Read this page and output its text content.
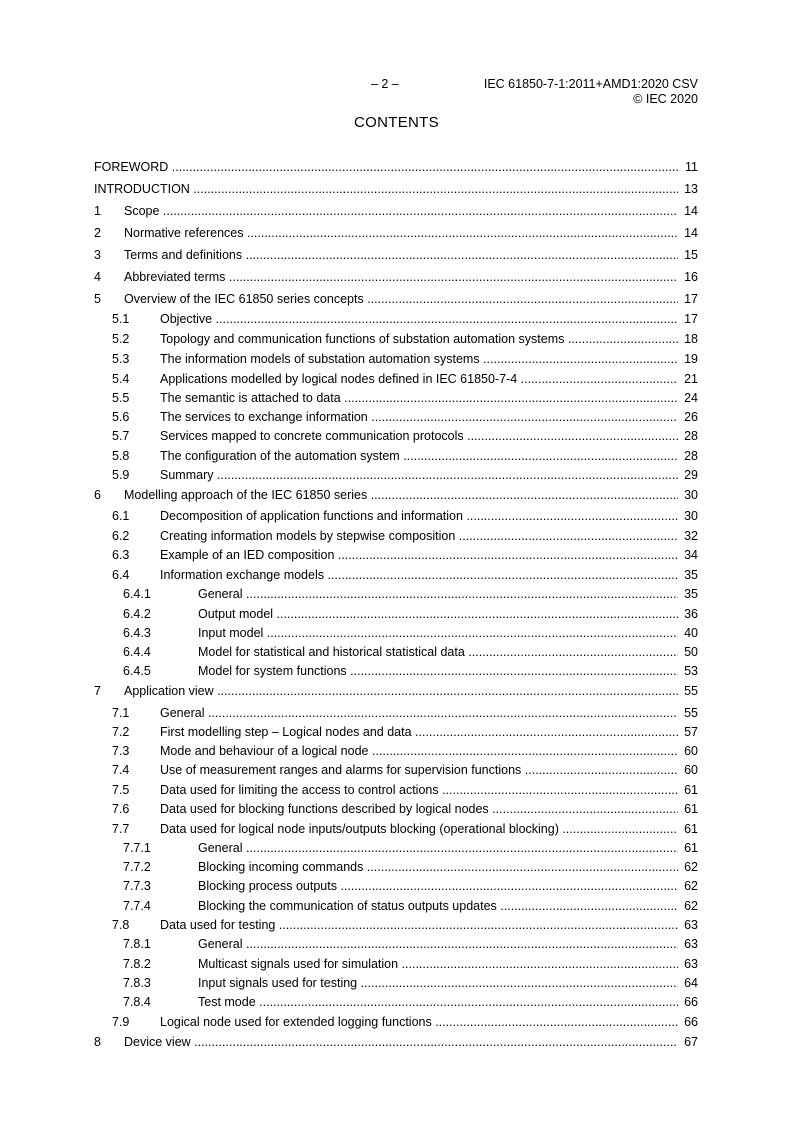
– 2 –	IEC 61850-7-1:2011+AMD1:2020 CSV
© IEC 2020
CONTENTS
FOREWORD .....	11
INTRODUCTION .....	13
1 Scope .....	14
2 Normative references .....	14
3 Terms and definitions .....	15
4 Abbreviated terms .....	16
5 Overview of the IEC 61850 series concepts .....	17
5.1 Objective .....	17
5.2 Topology and communication functions of substation automation systems .....	18
5.3 The information models of substation automation systems .....	19
5.4 Applications modelled by logical nodes defined in IEC 61850-7-4 .....	21
5.5 The semantic is attached to data .....	24
5.6 The services to exchange information .....	26
5.7 Services mapped to concrete communication protocols .....	28
5.8 The configuration of the automation system .....	28
5.9 Summary .....	29
6 Modelling approach of the IEC 61850 series .....	30
6.1 Decomposition of application functions and information .....	30
6.2 Creating information models by stepwise composition .....	32
6.3 Example of an IED composition .....	34
6.4 Information exchange models .....	35
6.4.1	General .....	35
6.4.2	Output model .....	36
6.4.3	Input model .....	40
6.4.4	Model for statistical and historical statistical data .....	50
6.4.5	Model for system functions .....	53
7 Application view .....	55
7.1 General .....	55
7.2 First modelling step – Logical nodes and data .....	57
7.3 Mode and behaviour of a logical node .....	60
7.4 Use of measurement ranges and alarms for supervision functions .....	60
7.5 Data used for limiting the access to control actions .....	61
7.6 Data used for blocking functions described by logical nodes .....	61
7.7 Data used for logical node inputs/outputs blocking (operational blocking) .....	61
7.7.1	General .....	61
7.7.2	Blocking incoming commands .....	62
7.7.3	Blocking process outputs .....	62
7.7.4	Blocking the communication of status outputs updates .....	62
7.8 Data used for testing .....	63
7.8.1	General .....	63
7.8.2	Multicast signals used for simulation .....	63
7.8.3	Input signals used for testing .....	64
7.8.4	Test mode .....	66
7.9 Logical node used for extended logging functions .....	66
8 Device view .....	67
